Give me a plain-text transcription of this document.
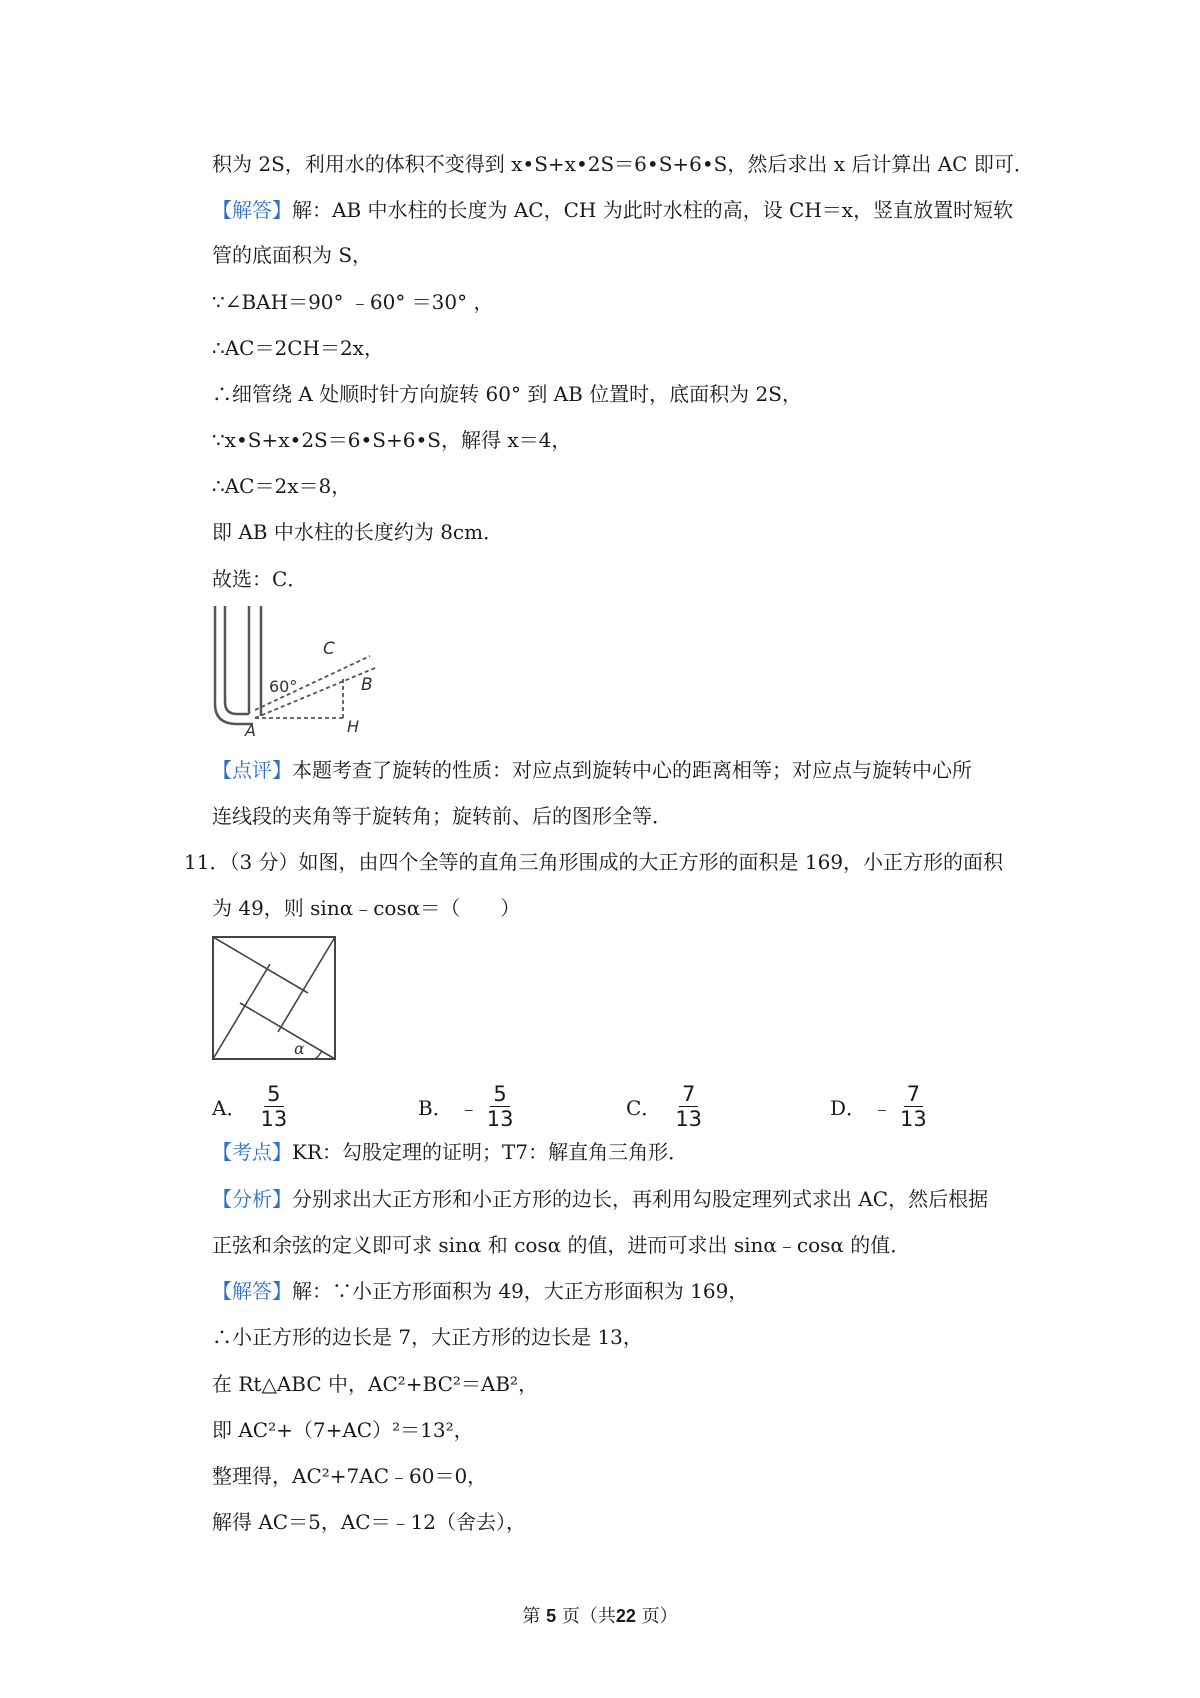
积为 2S，利用水的体积不变得到 x•S+x•2S＝6•S+6•S，然后求出 x 后计算出 AC 即可．
【解答】解：AB 中水柱的长度为 AC，CH 为此时水柱的高，设 CH＝x，竖直放置时短软
管的底面积为 S，
∵∠BAH＝90° ﹣60° ＝30° ，
∴AC＝2CH＝2x，
∴细管绕 A 处顺时针方向旋转 60° 到 AB 位置时，底面积为 2S，
∵x•S+x•2S＝6•S+6•S，解得 x＝4，
∴AC＝2x＝8，
即 AB 中水柱的长度约为 8cm．
故选：C．
60°
C
B
A	H
【点评】本题考查了旋转的性质：对应点到旋转中心的距离相等；对应点与旋转中心所
连线段的夹角等于旋转角；旋转前、后的图形全等．
11．（3 分）如图，由四个全等的直角三角形围成的大正方形的面积是 169，小正方形的面积
为 49，则 sinα﹣cosα＝（　　）
α
A． $\frac{5}{13}$	B． ﹣ $\frac{5}{13}$	C． $\frac{7}{13}$	D． ﹣ $\frac{7}{13}$
【考点】KR：勾股定理的证明；T7：解直角三角形．
【分析】分别求出大正方形和小正方形的边长，再利用勾股定理列式求出 AC，然后根据
正弦和余弦的定义即可求 sinα 和 cosα 的值，进而可求出 sinα﹣cosα 的值．
【解答】解：∵小正方形面积为 49，大正方形面积为 169，
∴小正方形的边长是 7，大正方形的边长是 13，
在 Rt△ABC 中，AC²+BC²＝AB²，
即 AC²+（7+AC）²＝13²，
整理得，AC²+7AC﹣60＝0，
解得 AC＝5，AC＝﹣12（舍去），
第 5 页（共22 页）
